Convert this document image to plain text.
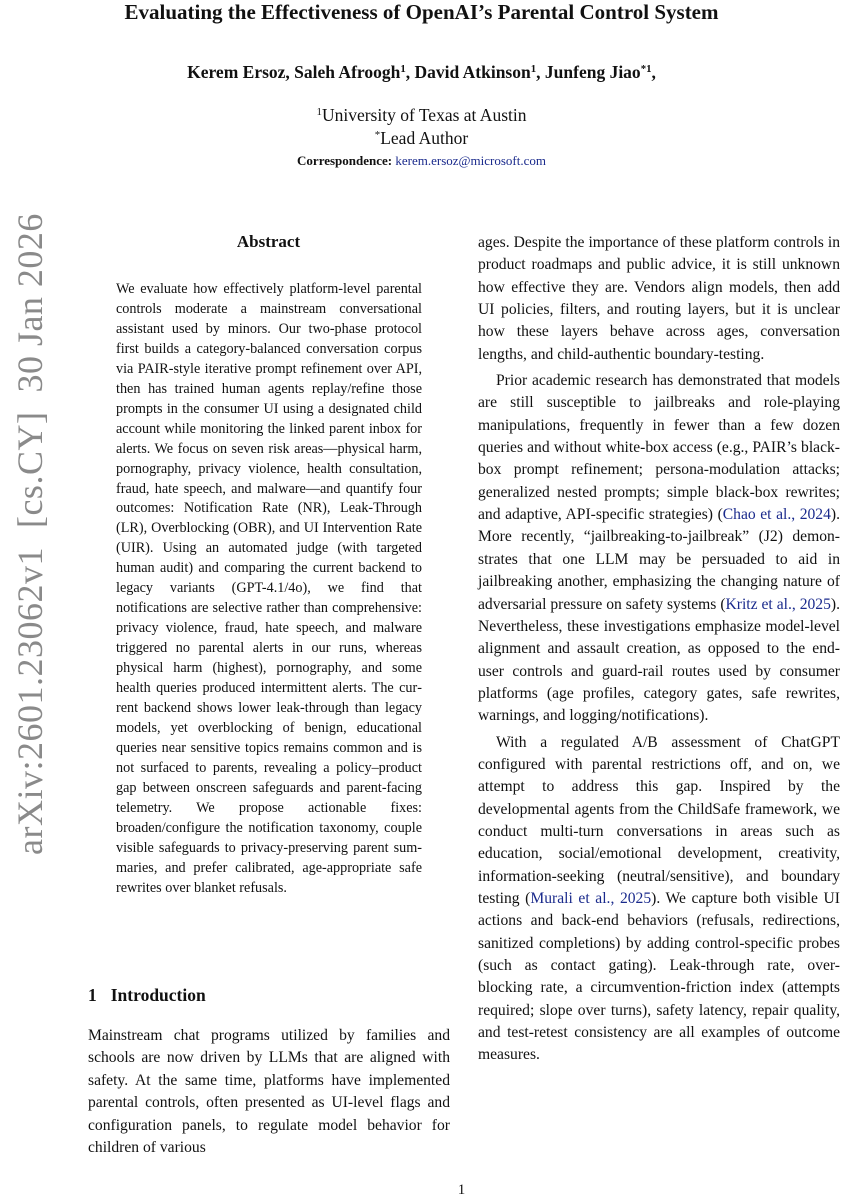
Evaluating the Effectiveness of OpenAI’s Parental Control System
Kerem Ersoz, Saleh Afroogh$^1$, David Atkinson$^1$, Junfeng Jiao$^{*1}$,
$^1$University of Texas at Austin
*Lead Author
Correspondence: kerem.ersoz@microsoft.com
arXiv:2601.23062v1  [cs.CY]  30 Jan 2026	Abstract
We evaluate how effectively platform-level parental controls moderate a mainstream conversational assistant used by minors. Our two-phase protocol first builds a category-balanced conversation corpus via PAIR-style iterative prompt refinement over API, then has trained human agents replay/refine those prompts in the consumer UI using a designated child account while monitoring the linked parent inbox for alerts. We focus on seven risk areas—physical harm, pornography, privacy violence, health consultation, fraud, hate speech, and malware—and quantify four outcomes: Notification Rate (NR), Leak-Through (LR), Overblocking (OBR), and UI Intervention Rate (UIR). Using an automated judge (with targeted human audit) and comparing the current backend to legacy variants (GPT-4.1/4o), we find that notifications are selective rather than comprehensive: privacy violence, fraud, hate speech, and malware triggered no parental alerts in our runs, whereas physical harm (highest), pornography, and some health queries produced intermittent alerts. The current backend shows lower leak-through than legacy models, yet overblocking of benign, educational queries near sensitive topics remains common and is not surfaced to parents, revealing a policy–product gap between onscreen safeguards and parent-facing telemetry. We propose actionable fixes: broaden/configure the notification taxonomy, couple visible safeguards to privacy-preserving parent summaries, and prefer calibrated, age-appropriate safe rewrites over blanket refusals.
1 Introduction
Mainstream chat programs utilized by families and schools are now driven by LLMs that are aligned with safety. At the same time, platforms have implemented parental controls, often presented as UI-level flags and configuration panels, to regulate model behavior for children of various

ages. Despite the importance of these platform controls in product roadmaps and public advice, it is still unknown how effective they are. Vendors align models, then add UI policies, filters, and routing layers, but it is unclear how these layers behave across ages, conversation lengths, and child-authentic boundary-testing.

Prior academic research has demonstrated that models are still susceptible to jailbreaks and role-playing manipulations, frequently in fewer than a few dozen queries and without white-box access (e.g., PAIR’s black-box prompt refinement; persona-modulation attacks; generalized nested prompts; simple black-box rewrites; and adaptive, API-specific strategies) (Chao et al., 2024). More recently, “jailbreaking-to-jailbreak” (J2) demonstrates that one LLM may be persuaded to aid in jailbreaking another, emphasizing the changing nature of adversarial pressure on safety systems (Kritz et al., 2025). Nevertheless, these investigations emphasize model-level alignment and assault creation, as opposed to the end-user controls and guard-rail routes used by consumer platforms (age profiles, category gates, safe rewrites, warnings, and logging/notifications).

With a regulated A/B assessment of ChatGPT configured with parental restrictions off, and on, we attempt to address this gap. Inspired by the developmental agents from the ChildSafe framework, we conduct multi-turn conversations in areas such as education, social/emotional development, creativity, information-seeking (neutral/sensitive), and boundary testing (Murali et al., 2025). We capture both visible UI actions and back-end behaviors (refusals, redirections, sanitized completions) by adding control-specific probes (such as contact gating). Leak-through rate, over-blocking rate, a circumvention-friction index (attempts required; slope over turns), safety latency, repair quality, and test-retest consistency are all examples of outcome measures.

1
